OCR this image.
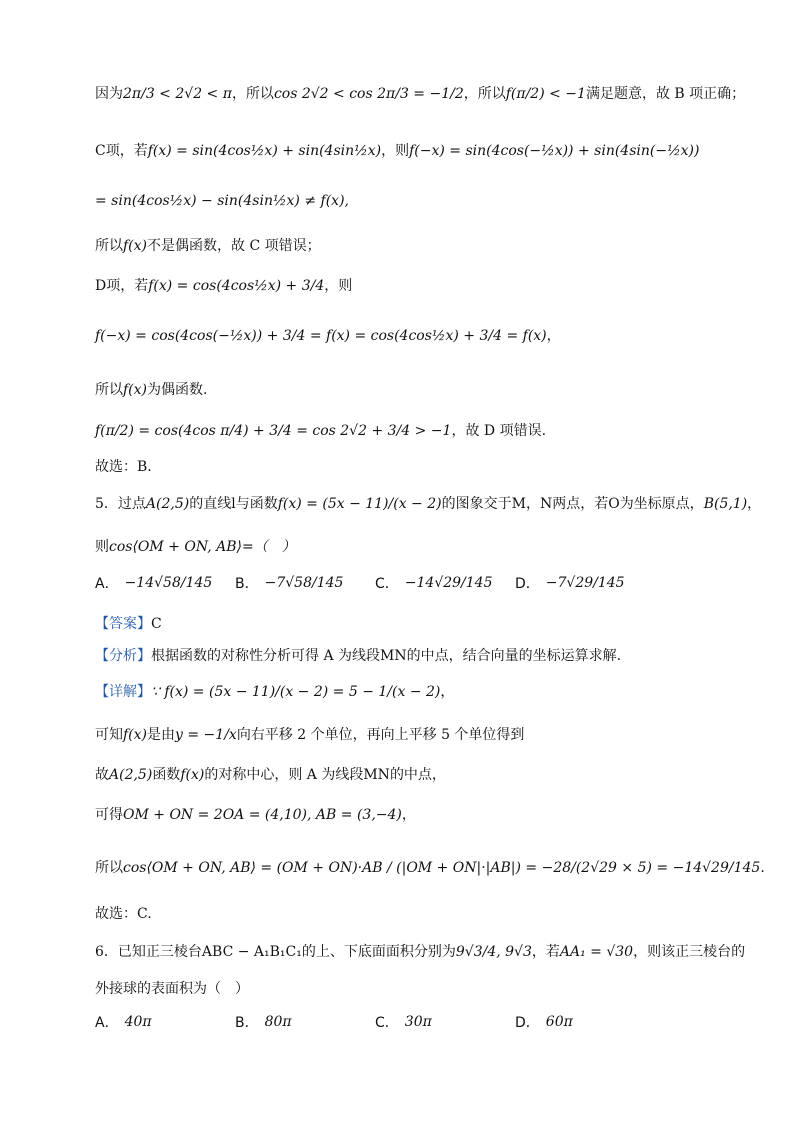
因为 2π/3 < 2√2 < π ，所以 cos 2√2 < cos 2π/3 = −1/2 ，所以 f(π/2) < −1 满足题意，故 B 项正确；
C项，若 f(x) = sin(4cos½x) + sin(4sin½x) ，则 f(−x) = sin(4cos(−½x)) + sin(4sin(−½x))
= sin(4cos½x) − sin(4sin½x) ≠ f(x),
所以 f(x) 不是偶函数，故 C 项错误；
D项，若 f(x) = cos(4cos½x) + 3/4 ，则
f(−x) = cos(4cos(−½x)) + 3/4 = f(x) = cos(4cos½x) + 3/4 = f(x) ，
所以 f(x) 为偶函数.
f(π/2) = cos(4cos π/4) + 3/4 = cos 2√2 + 3/4 > −1 ，故 D 项错误.
故选：B.
5．过点 A(2,5) 的直线 l 与函数 f(x) = (5x − 11)/(x − 2) 的图象交于 M，N 两点，若 O 为坐标原点， B(5,1) ，
则 cos⟨OM + ON, AB⟩ =（　）
【答案】 C
【分析】 根据函数的对称性分析可得 A 为线段 MN 的中点，结合向量的坐标运算求解.
【详解】 ∵ f(x) = (5x − 11)/(x − 2) = 5 − 1/(x − 2) ，
可知 f(x) 是由 y = −1/x 向右平移 2 个单位，再向上平移 5 个单位得到
故 A(2,5) 函数 f(x) 的对称中心，则 A 为线段 MN 的中点，
可得 OM + ON = 2OA = (4,10), AB = (3,−4) ，
所以 cos⟨OM + ON, AB⟩ = (OM + ON)·AB / (|OM + ON|·|AB|) = −28/(2√29 × 5) = −14√29/145 .
故选：C.
6．已知正三棱台 ABC − A₁B₁C₁ 的上、下底面面积分别为 9√3/4, 9√3 ，若 AA₁ = √30 ，则该正三棱台的
外接球的表面积为（　）
A． −14√58/145 B． −7√58/145 C． −14√29/145 D． −7√29/145
A． 40π	B． 80π	C． 30π	D． 60π
